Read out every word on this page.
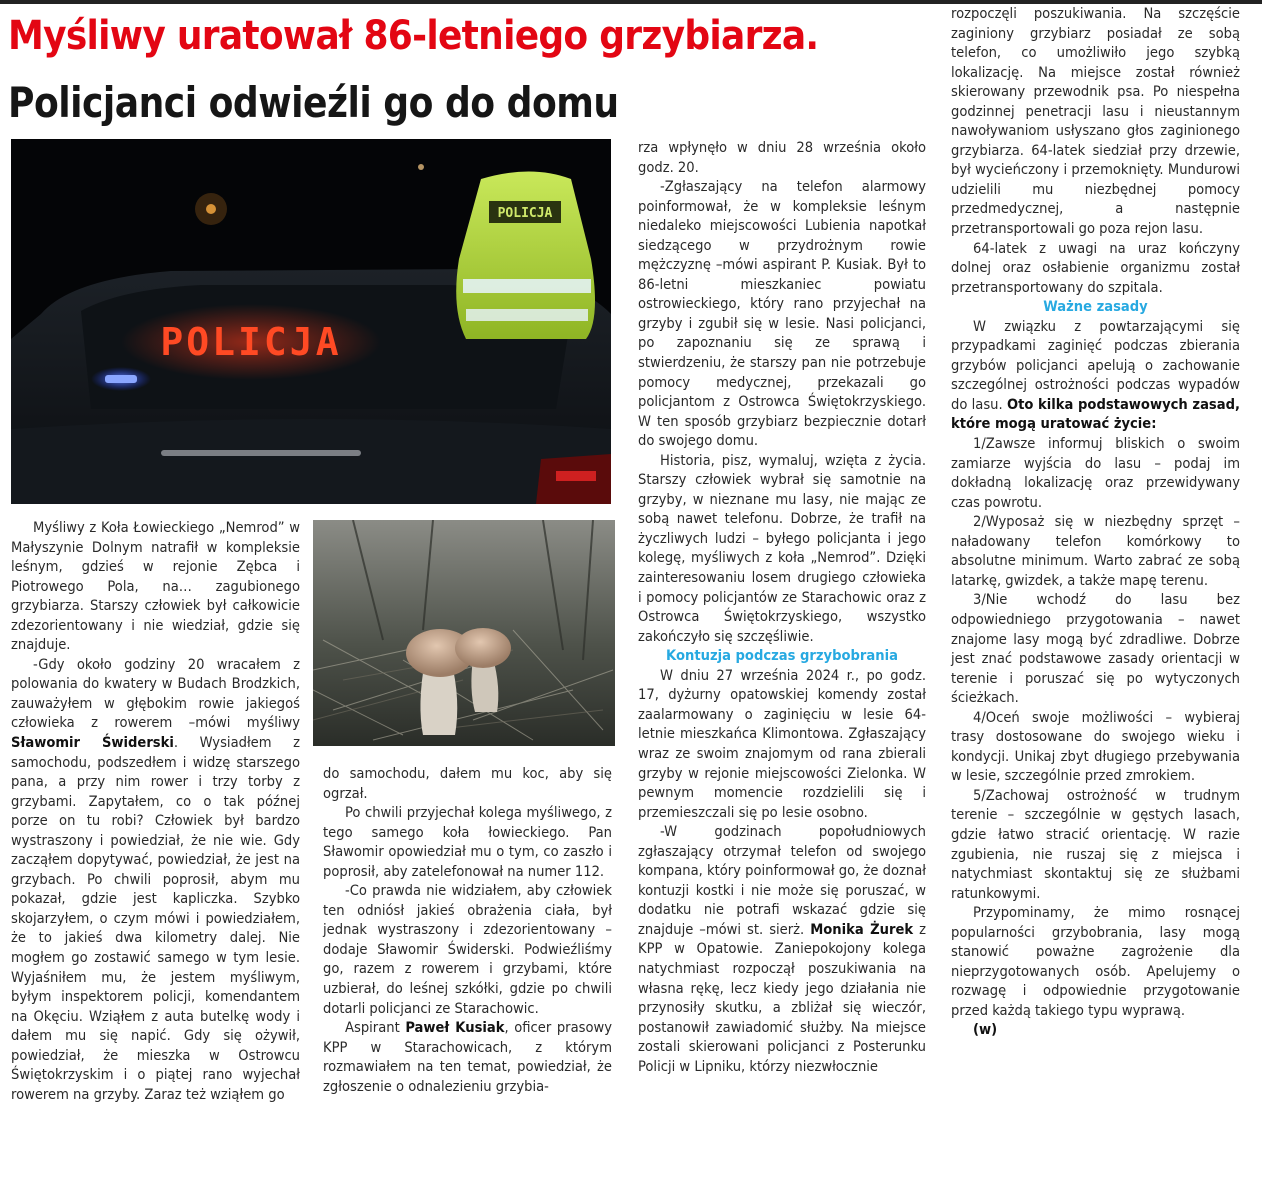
Myśliwy uratował 86-letniego grzybiarza.
Policjanci odwieźli go do domu
POLICJA
POLICJA

Myśliwy z Koła Łowieckiego „Nemrod” w Małyszynie Dolnym natrafił w kompleksie leśnym, gdzieś w rejonie Zębca i Piotrowego Pola, na… zagubionego grzybiarza. Starszy człowiek był całkowicie zdezorientowany i nie wiedział, gdzie się znajduje.

-Gdy około godziny 20 wracałem z polowania do kwatery w Budach Brodzkich, zauważyłem w głębokim rowie jakiegoś człowieka z rowerem –mówi myśliwy Sławomir Świderski. Wysiadłem z samochodu, podszedłem i widzę starszego pana, a przy nim rower i trzy torby z grzybami. Zapytałem, co o tak późnej porze on tu robi? Człowiek był bardzo wystraszony i powiedział, że nie wie. Gdy zacząłem dopytywać, powiedział, że jest na grzybach. Po chwili poprosił, abym mu pokazał, gdzie jest kapliczka. Szybko skojarzyłem, o czym mówi i powiedziałem, że to jakieś dwa kilometry dalej. Nie mogłem go zostawić samego w tym lesie. Wyjaśniłem mu, że jestem myśliwym, byłym inspektorem policji, komendantem na Okęciu. Wziąłem z auta butelkę wody i dałem mu się napić. Gdy się ożywił, powiedział, że mieszka w Ostrowcu Świętokrzyskim i o piątej rano wyjechał rowerem na grzyby. Zaraz też wziąłem go

do samochodu, dałem mu koc, aby się ogrzał.

Po chwili przyjechał kolega myśliwego, z tego samego koła łowieckiego. Pan Sławomir opowiedział mu o tym, co zaszło i poprosił, aby zatelefonował na numer 112.

-Co prawda nie widziałem, aby człowiek ten odniósł jakieś obrażenia ciała, był jednak wystraszony i zdezorientowany –dodaje Sławomir Świderski. Podwieźliśmy go, razem z rowerem i grzybami, które uzbierał, do leśnej szkółki, gdzie po chwili dotarli policjanci ze Starachowic.

Aspirant Paweł Kusiak, oficer prasowy KPP w Starachowicach, z którym rozmawiałem na ten temat, powiedział, że zgłoszenie o odnalezieniu grzybia-

rza wpłynęło w dniu 28 września około godz. 20.

-Zgłaszający na telefon alarmowy poinformował, że w kompleksie leśnym niedaleko miejscowości Lubienia napotkał siedzącego w przydrożnym rowie mężczyznę –mówi aspirant P. Kusiak. Był to 86-letni mieszkaniec powiatu ostrowieckiego, który rano przyjechał na grzyby i zgubił się w lesie. Nasi policjanci, po zapoznaniu się ze sprawą i stwierdzeniu, że starszy pan nie potrzebuje pomocy medycznej, przekazali go policjantom z Ostrowca Świętokrzyskiego. W ten sposób grzybiarz bezpiecznie dotarł do swojego domu.

Historia, pisz, wymaluj, wzięta z życia. Starszy człowiek wybrał się samotnie na grzyby, w nieznane mu lasy, nie mając ze sobą nawet telefonu. Dobrze, że trafił na życzliwych ludzi – byłego policjanta i jego kolegę, myśliwych z koła „Nemrod”. Dzięki zainteresowaniu losem drugiego człowieka i pomocy policjantów ze Starachowic oraz z Ostrowca Świętokrzyskiego, wszystko zakończyło się szczęśliwie.

Kontuzja podczas grzybobrania

W dniu 27 września 2024 r., po godz. 17, dyżurny opatowskiej komendy został zaalarmowany o zaginięciu w lesie 64-letnie mieszkańca Klimontowa. Zgłaszający wraz ze swoim znajomym od rana zbierali grzyby w rejonie miejscowości Zielonka. W pewnym momencie rozdzielili się i przemieszczali się po lesie osobno.

-W godzinach popołudniowych zgłaszający otrzymał telefon od swojego kompana, który poinformował go, że doznał kontuzji kostki i nie może się poruszać, w dodatku nie potrafi wskazać gdzie się znajduje –mówi st. sierż. Monika Żurek z KPP w Opatowie. Zaniepokojony kolega natychmiast rozpoczął poszukiwania na własna rękę, lecz kiedy jego działania nie przynosiły skutku, a zbliżał się wieczór, postanowił zawiadomić służby. Na miejsce zostali skierowani policjanci z Posterunku Policji w Lipniku, którzy niezwłocznie

rozpoczęli poszukiwania. Na szczęście zaginiony grzybiarz posiadał ze sobą telefon, co umożliwiło jego szybką lokalizację. Na miejsce został również skierowany przewodnik psa. Po niespełna godzinnej penetracji lasu i nieustannym nawoływaniom usłyszano głos zaginionego grzybiarza. 64-latek siedział przy drzewie, był wycieńczony i przemoknięty. Mundurowi udzielili mu niezbędnej pomocy przedmedycznej, a następnie przetransportowali go poza rejon lasu.

64-latek z uwagi na uraz kończyny dolnej oraz osłabienie organizmu został przetransportowany do szpitala.

Ważne zasady

W związku z powtarzającymi się przypadkami zaginięć podczas zbierania grzybów policjanci apelują o zachowanie szczególnej ostrożności podczas wypadów do lasu. Oto kilka podstawowych zasad, które mogą uratować życie:

1/Zawsze informuj bliskich o swoim zamiarze wyjścia do lasu – podaj im dokładną lokalizację oraz przewidywany czas powrotu.

2/Wyposaż się w niezbędny sprzęt – naładowany telefon komórkowy to absolutne minimum. Warto zabrać ze sobą latarkę, gwizdek, a także mapę terenu.

3/Nie wchodź do lasu bez odpowiedniego przygotowania – nawet znajome lasy mogą być zdradliwe. Dobrze jest znać podstawowe zasady orientacji w terenie i poruszać się po wytyczonych ścieżkach.

4/Oceń swoje możliwości – wybieraj trasy dostosowane do swojego wieku i kondycji. Unikaj zbyt długiego przebywania w lesie, szczególnie przed zmrokiem.

5/Zachowaj ostrożność w trudnym terenie – szczególnie w gęstych lasach, gdzie łatwo stracić orientację. W razie zgubienia, nie ruszaj się z miejsca i natychmiast skontaktuj się ze służbami ratunkowymi.

Przypominamy, że mimo rosnącej popularności grzybobrania, lasy mogą stanowić poważne zagrożenie dla nieprzygotowanych osób. Apelujemy o rozwagę i odpowiednie przygotowanie przed każdą takiego typu wyprawą.

(w)
